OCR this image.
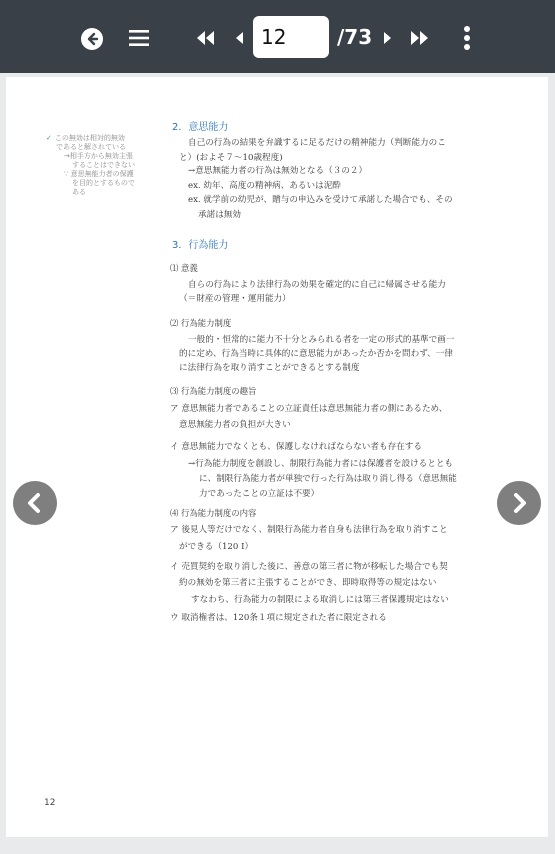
12
/73
✓ この無効は相対的無効
であると解されている
→相手方から無効主張
することはできない
∵ 意思無能力者の保護
を目的とするもので
ある
2．意思能力
自己の行為の結果を弁識するに足るだけの精神能力（判断能力のこ
と）(およそ７～10歳程度)
→意思無能力者の行為は無効となる（３の２）
ex. 幼年、高度の精神病、あるいは泥酔
ex. 就学前の幼児が、贈与の申込みを受けて承諾した場合でも、その
承諾は無効
3．行為能力
⑴ 意義
自らの行為により法律行為の効果を確定的に自己に帰属させる能力
（＝財産の管理・運用能力）
⑵ 行為能力制度
一般的・恒常的に能力不十分とみられる者を一定の形式的基準で画一
的に定め、行為当時に具体的に意思能力があったか否かを問わず、一律
に法律行為を取り消すことができるとする制度
⑶ 行為能力制度の趣旨
ア 意思無能力者であることの立証責任は意思無能力者の側にあるため、
意思無能力者の負担が大きい
イ 意思無能力でなくとも、保護しなければならない者も存在する
→行為能力制度を創設し、制限行為能力者には保護者を設けるととも
に、制限行為能力者が単独で行った行為は取り消し得る（意思無能
力であったことの立証は不要）
⑷ 行為能力制度の内容
ア 後見人等だけでなく、制限行為能力者自身も法律行為を取り消すこと
ができる（120 Ⅰ）
イ 売買契約を取り消した後に、善意の第三者に物が移転した場合でも契
約の無効を第三者に主張することができ、即時取得等の規定はない
すなわち、行為能力の制限による取消しには第三者保護規定はない
ウ 取消権者は、120条１項に規定された者に限定される
12
